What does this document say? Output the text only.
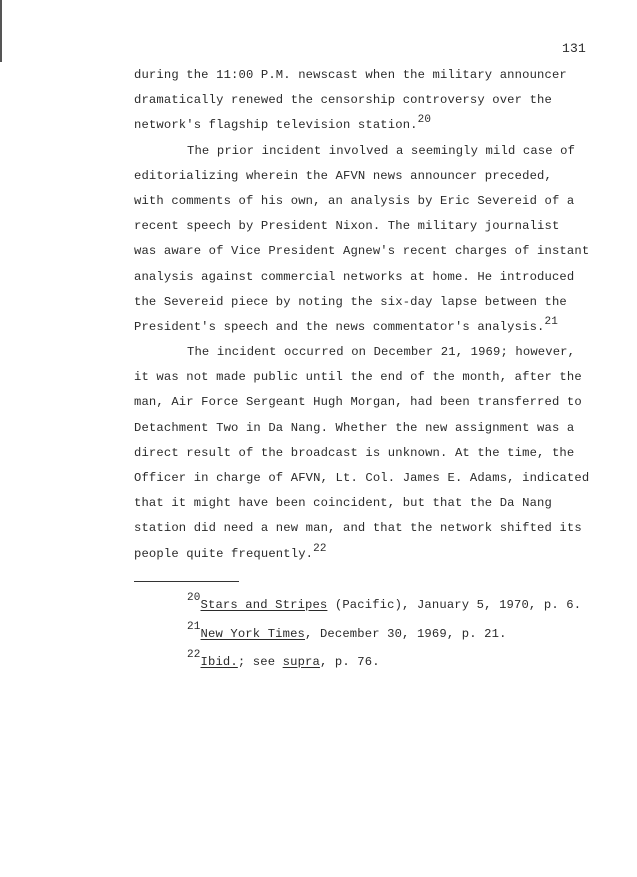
131
during the 11:00 P.M. newscast when the military announcer
dramatically renewed the censorship controversy over the
network's flagship television station.$^{20}$
The prior incident involved a seemingly mild case of
editorializing wherein the AFVN news announcer preceded,
with comments of his own, an analysis by Eric Severeid of a
recent speech by President Nixon. The military journalist
was aware of Vice President Agnew's recent charges of instant
analysis against commercial networks at home. He introduced
the Severeid piece by noting the six-day lapse between the
President's speech and the news commentator's analysis.$^{21}$
The incident occurred on December 21, 1969; however,
it was not made public until the end of the month, after the
man, Air Force Sergeant Hugh Morgan, had been transferred to
Detachment Two in Da Nang. Whether the new assignment was a
direct result of the broadcast is unknown. At the time, the
Officer in charge of AFVN, Lt. Col. James E. Adams, indicated
that it might have been coincident, but that the Da Nang
station did need a new man, and that the network shifted its
people quite frequently.$^{22}$
$^{20}$Stars and Stripes (Pacific), January 5, 1970, p. 6.
$^{21}$New York Times, December 30, 1969, p. 21.
$^{22}$Ibid.; see supra, p. 76.
